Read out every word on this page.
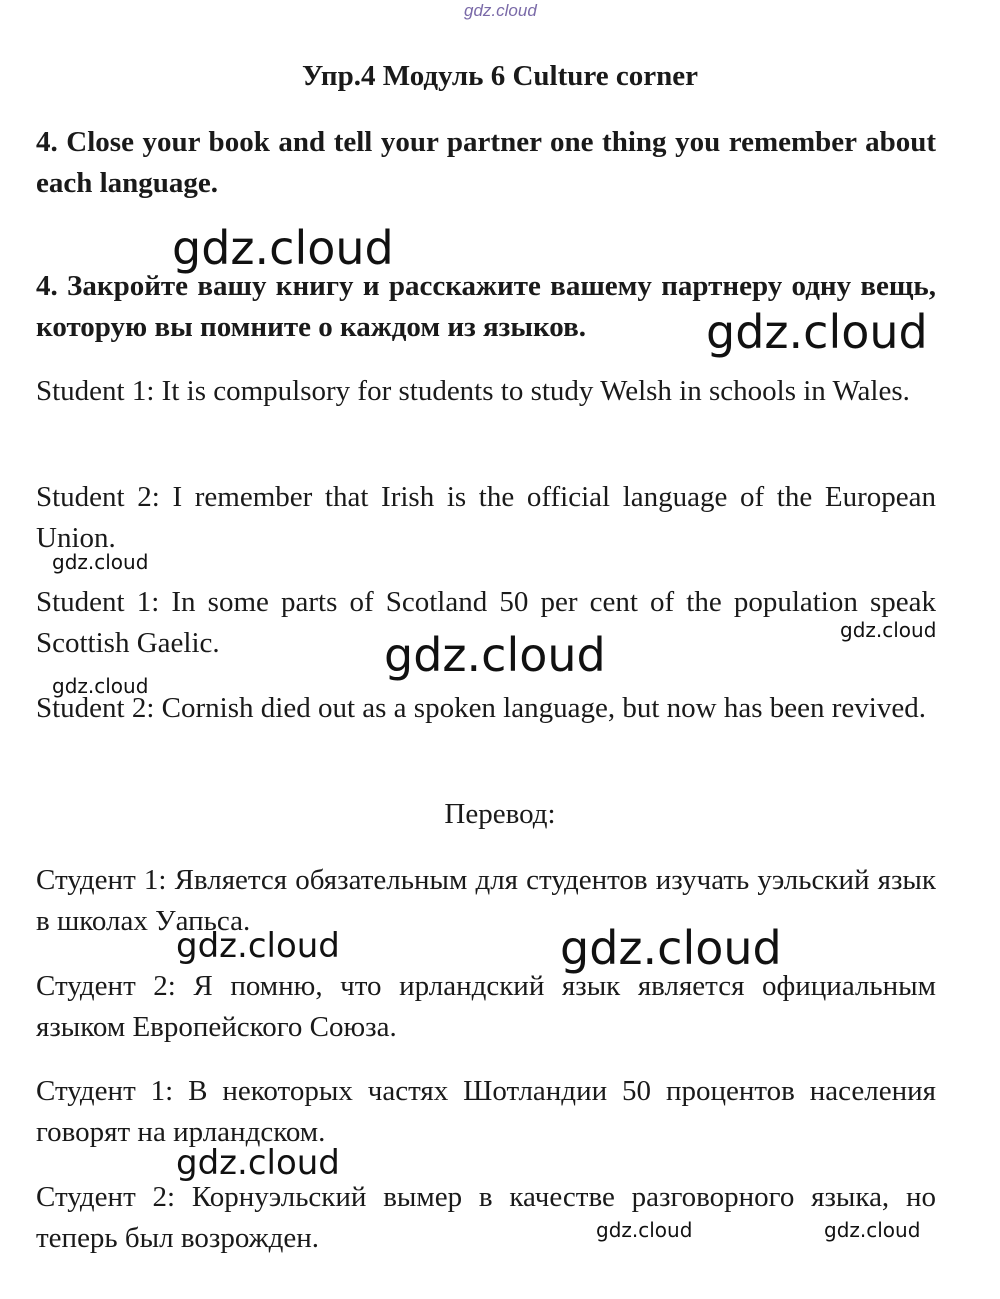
gdz.cloud
Упр.4 Модуль 6 Culture corner
4. Close your book and tell your partner one thing you remember about each language.
4. Закройте вашу книгу и расскажите вашему партнеру одну вещь, которую вы помните о каждом из языков.
Student 1: It is compulsory for students to study Welsh in schools in Wales.
Student 2: I remember that Irish is the official language of the European Union.
Student 1: In some parts of Scotland 50 per cent of the population speak Scottish Gaelic.
Student 2: Cornish died out as a spoken language, but now has been revived.
Перевод:
Студент 1: Является обязательным для студентов изучать уэльский язык в школах Уапьса.
Студент 2: Я помню, что ирландский язык является официальным языком Европейского Союза.
Студент 1: В некоторых частях Шотландии 50 процентов населения говорят на ирландском.
Студент 2: Корнуэльский вымер в качестве разговорного языка, но теперь был возрожден.
gdz.cloud
gdz.cloud
gdz.cloud
gdz.cloud
gdz.cloud
gdz.cloud
gdz.cloud	gdz.cloud
gdz.cloud
gdz.cloud	gdz.cloud
